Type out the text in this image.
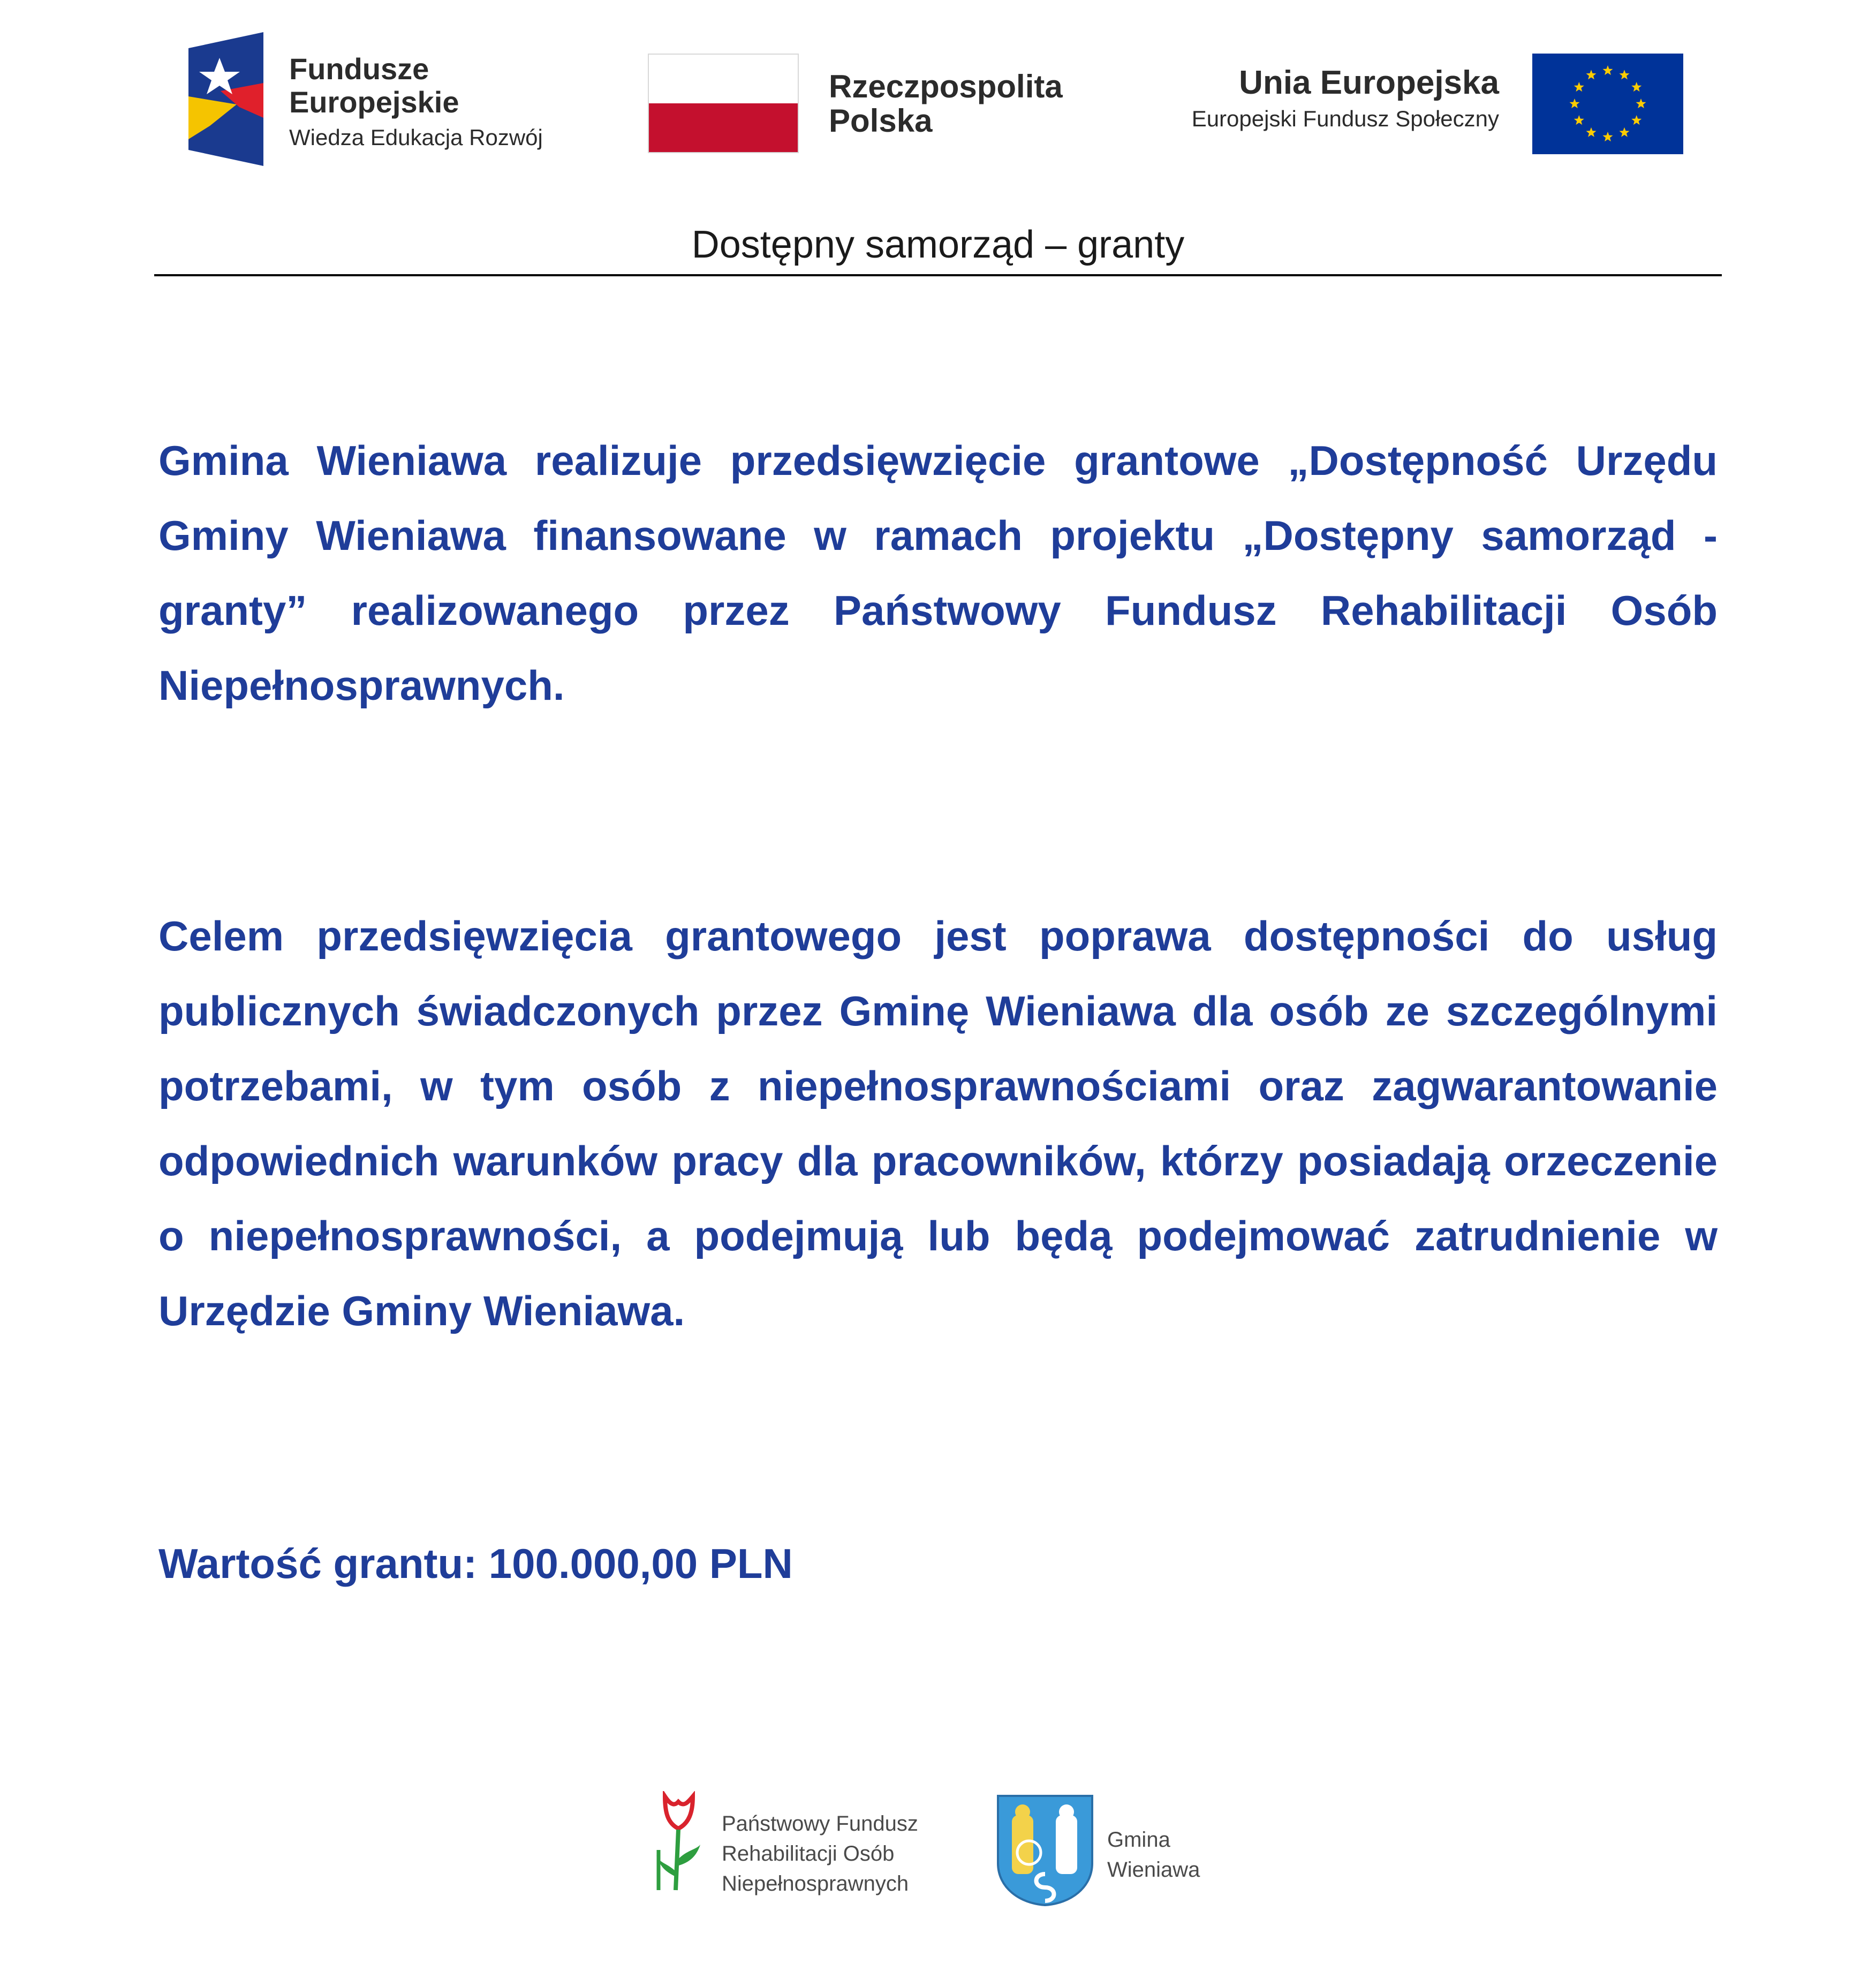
Fundusze
Europejskie
Wiedza Edukacja Rozwój
Rzeczpospolita
Polska
Unia Europejska
Europejski Fundusz Społeczny
Dostępny samorząd – granty

Gmina Wieniawa realizuje przedsięwzięcie grantowe „Dostępność Urzędu Gminy Wieniawa finansowane w ramach projektu „Dostępny samorząd - granty” realizowanego przez Państwowy Fundusz Rehabilitacji Osób Niepełnosprawnych.

Celem przedsięwzięcia grantowego jest poprawa dostępności do usług publicznych świadczonych przez Gminę Wieniawa dla osób ze szczególnymi potrzebami, w tym osób z niepełnosprawnościami oraz zagwarantowanie odpowiednich warunków pracy dla pracowników, którzy posiadają orzeczenie o niepełnosprawności, a podejmują lub będą podejmować zatrudnienie w Urzędzie Gminy Wieniawa.

Wartość grantu: 100.000,00 PLN

Państwowy Fundusz
Rehabilitacji Osób
Niepełnosprawnych
Gmina
Wieniawa
